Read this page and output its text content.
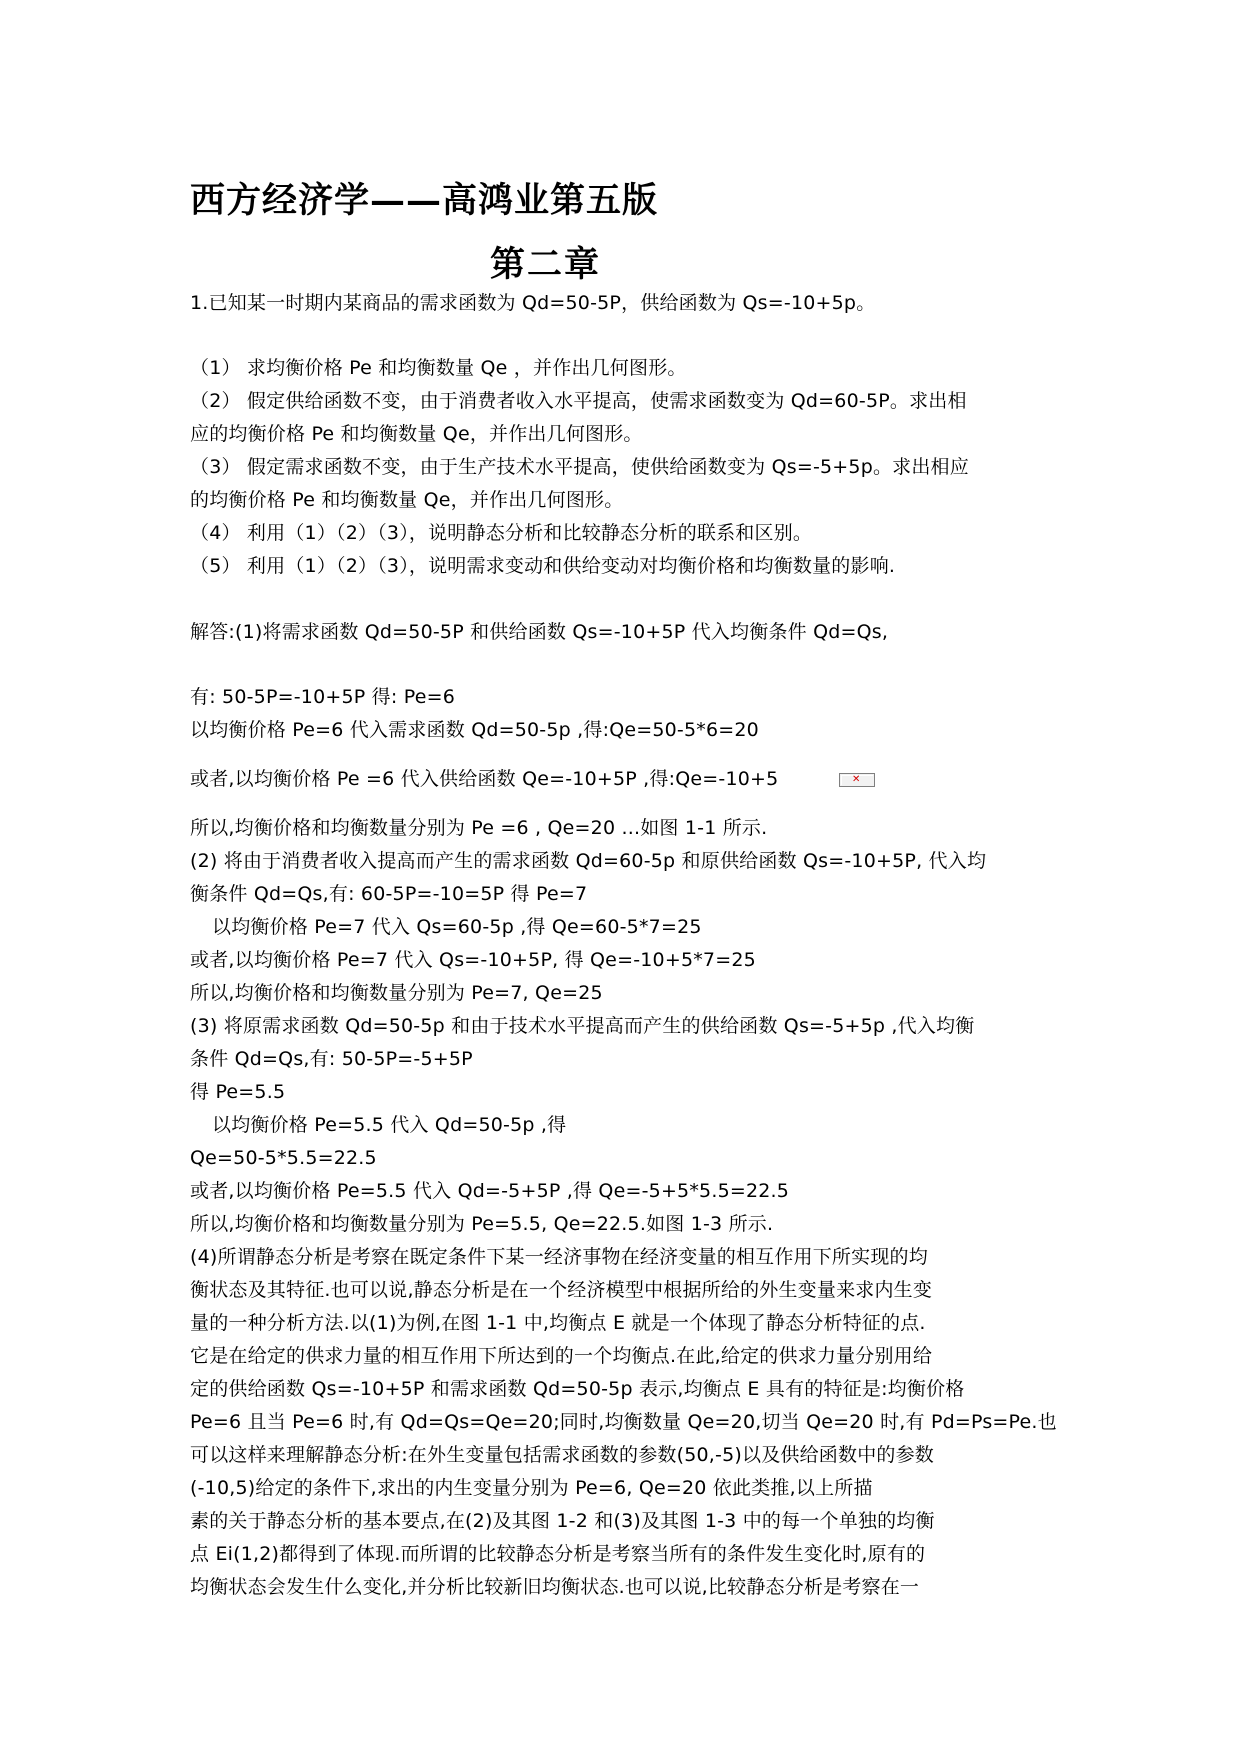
西方经济学——高鸿业第五版
第二章

1.已知某一时期内某商品的需求函数为 Qd=50-5P，供给函数为 Qs=-10+5p。

（1） 求均衡价格 Pe 和均衡数量 Qe ，并作出几何图形。

（2） 假定供给函数不变，由于消费者收入水平提高，使需求函数变为 Qd=60-5P。求出相

应的均衡价格 Pe 和均衡数量 Qe，并作出几何图形。

（3） 假定需求函数不变，由于生产技术水平提高，使供给函数变为 Qs=-5+5p。求出相应

的均衡价格 Pe 和均衡数量 Qe，并作出几何图形。

（4） 利用（1）（2）（3），说明静态分析和比较静态分析的联系和区别。

（5） 利用（1）（2）（3），说明需求变动和供给变动对均衡价格和均衡数量的影响.

解答:(1)将需求函数 Qd=50-5P 和供给函数 Qs=-10+5P 代入均衡条件 Qd=Qs,

有: 50-5P=-10+5P 得: Pe=6

以均衡价格 Pe=6 代入需求函数 Qd=50-5p ,得:Qe=50-5*6=20

或者,以均衡价格 Pe =6 代入供给函数 Qe=-10+5P ,得:Qe=-10+5	✕

所以,均衡价格和均衡数量分别为 Pe =6 , Qe=20 ...如图 1-1 所示.

(2) 将由于消费者收入提高而产生的需求函数 Qd=60-5p 和原供给函数 Qs=-10+5P, 代入均

衡条件 Qd=Qs,有: 60-5P=-10=5P 得 Pe=7

以均衡价格 Pe=7 代入 Qs=60-5p ,得 Qe=60-5*7=25

或者,以均衡价格 Pe=7 代入 Qs=-10+5P, 得 Qe=-10+5*7=25

所以,均衡价格和均衡数量分别为 Pe=7, Qe=25

(3) 将原需求函数 Qd=50-5p 和由于技术水平提高而产生的供给函数 Qs=-5+5p ,代入均衡

条件 Qd=Qs,有: 50-5P=-5+5P

得 Pe=5.5

以均衡价格 Pe=5.5 代入 Qd=50-5p ,得

Qe=50-5*5.5=22.5

或者,以均衡价格 Pe=5.5 代入 Qd=-5+5P ,得 Qe=-5+5*5.5=22.5

所以,均衡价格和均衡数量分别为 Pe=5.5, Qe=22.5.如图 1-3 所示.

(4)所谓静态分析是考察在既定条件下某一经济事物在经济变量的相互作用下所实现的均

衡状态及其特征.也可以说,静态分析是在一个经济模型中根据所给的外生变量来求内生变

量的一种分析方法.以(1)为例,在图 1-1 中,均衡点 E 就是一个体现了静态分析特征的点.

它是在给定的供求力量的相互作用下所达到的一个均衡点.在此,给定的供求力量分别用给

定的供给函数 Qs=-10+5P 和需求函数 Qd=50-5p 表示,均衡点 E 具有的特征是:均衡价格

Pe=6 且当 Pe=6 时,有 Qd=Qs=Qe=20;同时,均衡数量 Qe=20,切当 Qe=20 时,有 Pd=Ps=Pe.也

可以这样来理解静态分析:在外生变量包括需求函数的参数(50,-5)以及供给函数中的参数

(-10,5)给定的条件下,求出的内生变量分别为 Pe=6, Qe=20 依此类推,以上所描

素的关于静态分析的基本要点,在(2)及其图 1-2 和(3)及其图 1-3 中的每一个单独的均衡

点 Ei(1,2)都得到了体现.而所谓的比较静态分析是考察当所有的条件发生变化时,原有的

均衡状态会发生什么变化,并分析比较新旧均衡状态.也可以说,比较静态分析是考察在一
